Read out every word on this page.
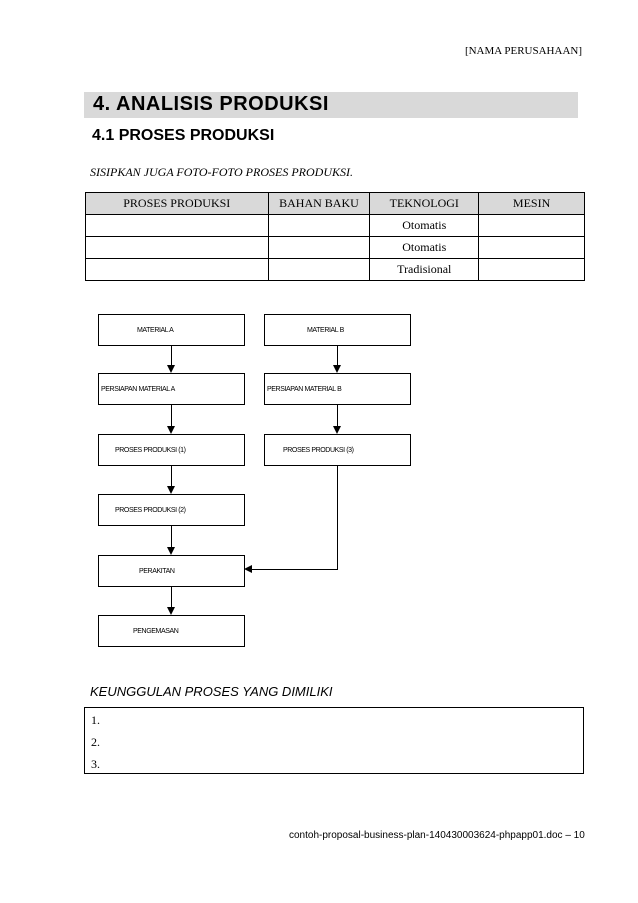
[NAMA PERUSAHAAN]
4. ANALISIS PRODUKSI
4.1 PROSES PRODUKSI
SISIPKAN JUGA FOTO-FOTO PROSES PRODUKSI.
PROSES PRODUKSI	BAHAN BAKU	TEKNOLOGI	MESIN
		Otomatis	
		Otomatis	
		Tradisional	
MATERIAL A	MATERIAL B
PERSIAPAN MATERIAL A	PERSIAPAN MATERIAL B
PROSES PRODUKSI (1)	PROSES PRODUKSI (3)
PROSES PRODUKSI (2)
PERAKITAN
PENGEMASAN
KEUNGGULAN PROSES YANG DIMILIKI
1.
2.
3.
contoh-proposal-business-plan-140430003624-phpapp01.doc – 10
